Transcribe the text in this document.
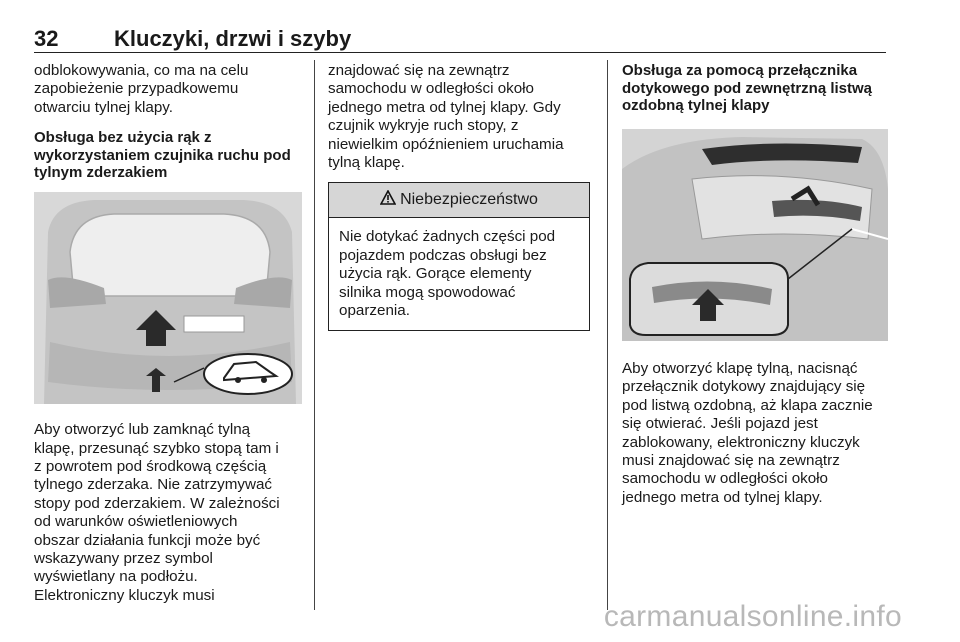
32	Kluczyki, drzwi i szyby

odblokowywania, co ma na celu

zapobieżenie przypadkowemu

otwarciu tylnej klapy.

Obsługa bez użycia rąk z

wykorzystaniem czujnika ruchu pod

tylnym zderzakiem

Aby otworzyć lub zamknąć tylną

klapę, przesunąć szybko stopą tam i

z powrotem pod środkową częścią

tylnego zderzaka. Nie zatrzymywać

stopy pod zderzakiem. W zależności

od warunków oświetleniowych

obszar działania funkcji może być

wskazywany przez symbol

wyświetlany na podłożu.

Elektroniczny kluczyk musi

znajdować się na zewnątrz

samochodu w odległości około

jednego metra od tylnej klapy. Gdy

czujnik wykryje ruch stopy, z

niewielkim opóźnieniem uruchamia

tylną klapę.

Niebezpieczeństwo

Nie dotykać żadnych części pod

pojazdem podczas obsługi bez

użycia rąk. Gorące elementy

silnika mogą spowodować

oparzenia.

Obsługa za pomocą przełącznika

dotykowego pod zewnętrzną listwą

ozdobną tylnej klapy

Aby otworzyć klapę tylną, nacisnąć

przełącznik dotykowy znajdujący się

pod listwą ozdobną, aż klapa zacznie

się otwierać. Jeśli pojazd jest

zablokowany, elektroniczny kluczyk

musi znajdować się na zewnątrz

samochodu w odległości około

jednego metra od tylnej klapy.

carmanualsonline.info
